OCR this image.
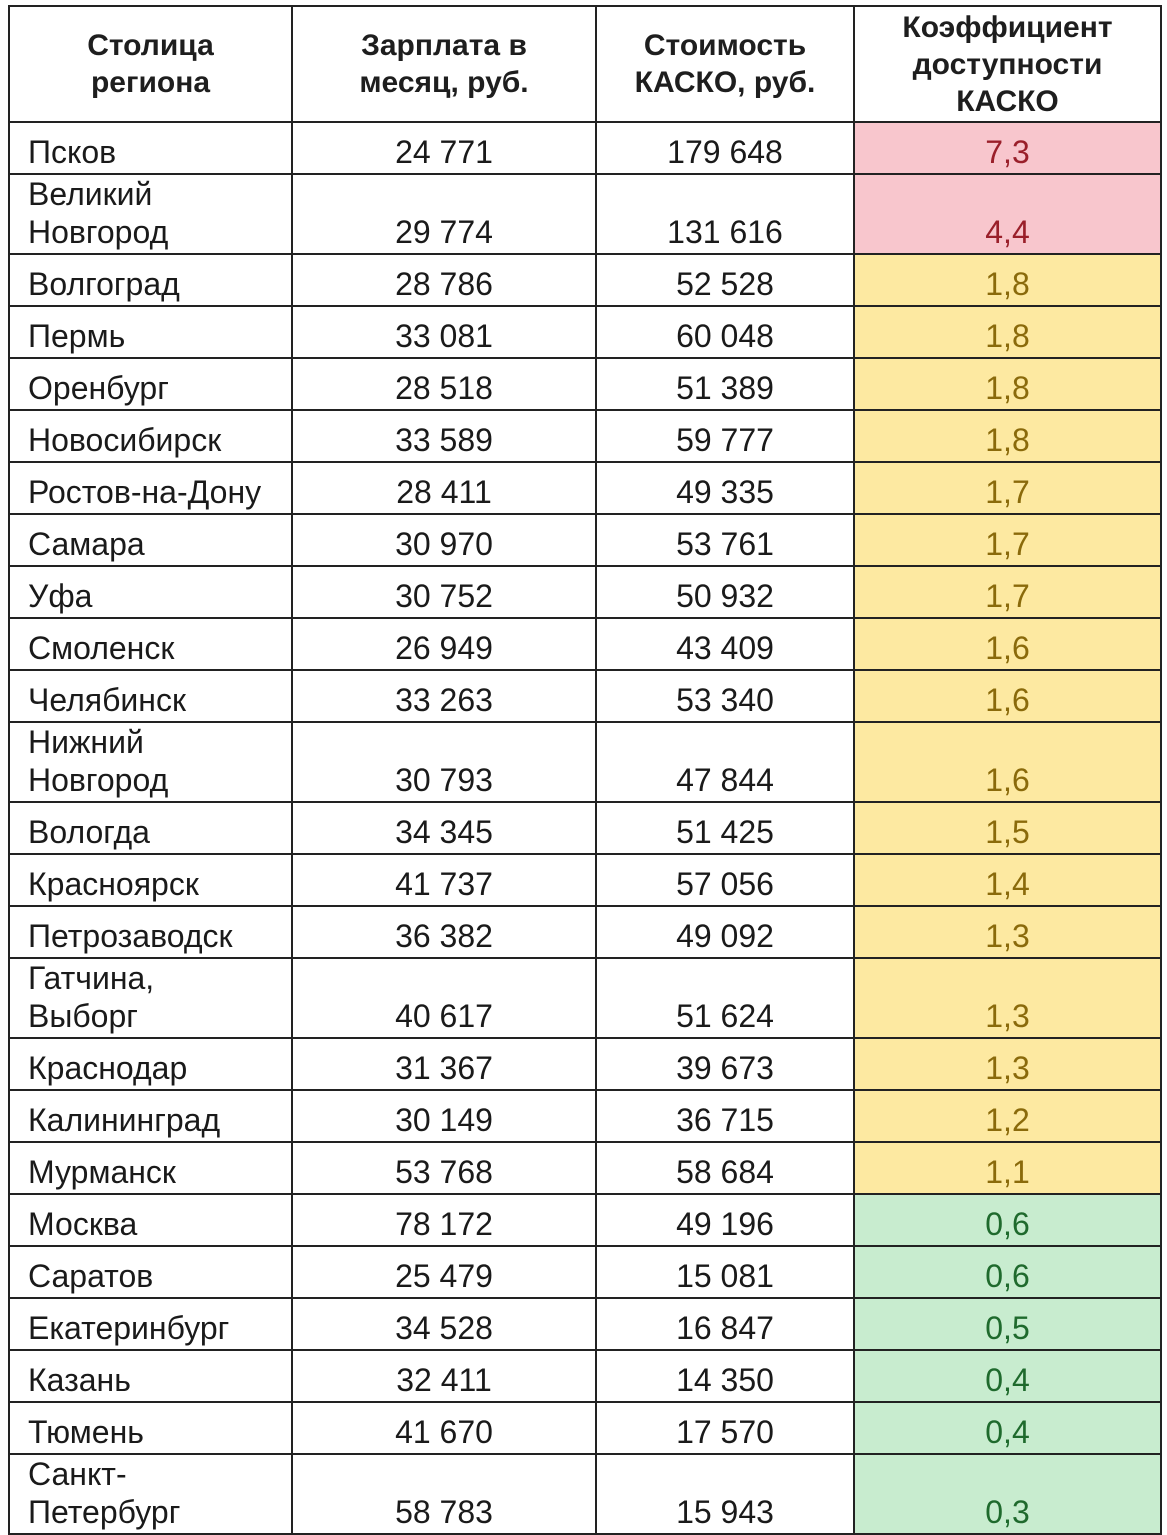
Столица региона	Зарплата в месяц, руб.	Стоимость КАСКО, руб.	Коэффициент доступности КАСКО

Псков	24 771	179 648	7,3
Великий Новгород	29 774	131 616	4,4
Волгоград	28 786	52 528	1,8
Пермь	33 081	60 048	1,8
Оренбург	28 518	51 389	1,8
Новосибирск	33 589	59 777	1,8
Ростов-на-Дону	28 411	49 335	1,7
Самара	30 970	53 761	1,7
Уфа	30 752	50 932	1,7
Смоленск	26 949	43 409	1,6
Челябинск	33 263	53 340	1,6
Нижний Новгород	30 793	47 844	1,6
Вологда	34 345	51 425	1,5
Красноярск	41 737	57 056	1,4
Петрозаводск	36 382	49 092	1,3
Гатчина, Выборг	40 617	51 624	1,3
Краснодар	31 367	39 673	1,3
Калининград	30 149	36 715	1,2
Мурманск	53 768	58 684	1,1
Москва	78 172	49 196	0,6
Саратов	25 479	15 081	0,6
Екатеринбург	34 528	16 847	0,5
Казань	32 411	14 350	0,4
Тюмень	41 670	17 570	0,4
Санкт-Петербург	58 783	15 943	0,3
